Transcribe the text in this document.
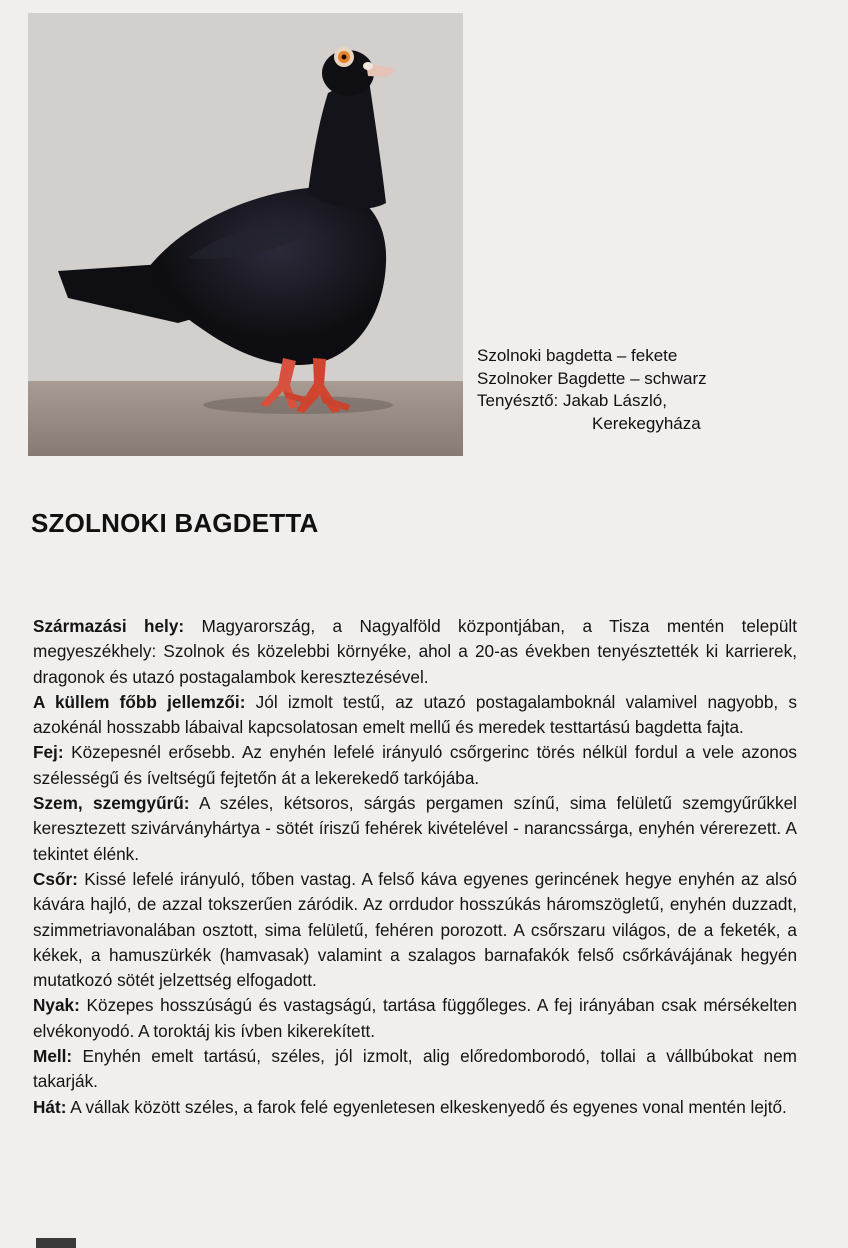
Szolnoki bagdetta – fekete
Szolnoker Bagdette – schwarz
Tenyésztő: Jakab László,
Kerekegyháza
SZOLNOKI BAGDETTA

Származási hely: Magyarország, a Nagyalföld központjában, a Tisza mentén települt megyeszékhely: Szolnok és közelebbi környéke, ahol a 20-as években tenyésztették ki karrierek, dragonok és utazó postagalambok keresztezésével.

A küllem főbb jellemzői: Jól izmolt testű, az utazó postagalamboknál valamivel nagyobb, s azokénál hosszabb lábaival kapcsolatosan emelt mellű és meredek testtartású bagdetta fajta.

Fej: Közepesnél erősebb. Az enyhén lefelé irányuló csőrgerinc törés nélkül fordul a vele azonos szélességű és íveltségű fejtetőn át a lekerekedő tarkójába.

Szem, szemgyűrű: A széles, kétsoros, sárgás pergamen színű, sima felületű szemgyűrűkkel keresztezett szivárványhártya - sötét íriszű fehérek kivételével - narancssárga, enyhén vérerezett. A tekintet élénk.

Csőr: Kissé lefelé irányuló, tőben vastag. A felső káva egyenes gerincének hegye enyhén az alsó kávára hajló, de azzal tokszerűen záródik. Az orrdudor hosszúkás háromszögletű, enyhén duzzadt, szimmetriavonalában osztott, sima felületű, fehéren porozott. A csőrszaru világos, de a feketék, a kékek, a hamuszürkék (hamvasak) valamint a szalagos barnafakók felső csőrkávájának hegyén mutatkozó sötét jelzettség elfogadott.

Nyak: Közepes hosszúságú és vastagságú, tartása függőleges. A fej irányában csak mérsékelten elvékonyodó. A toroktáj kis ívben kikerekített.

Mell: Enyhén emelt tartású, széles, jól izmolt, alig előredomborodó, tollai a vállbúbokat nem takarják.

Hát: A vállak között széles, a farok felé egyenletesen elkeskenyedő és egyenes vonal mentén lejtő.
